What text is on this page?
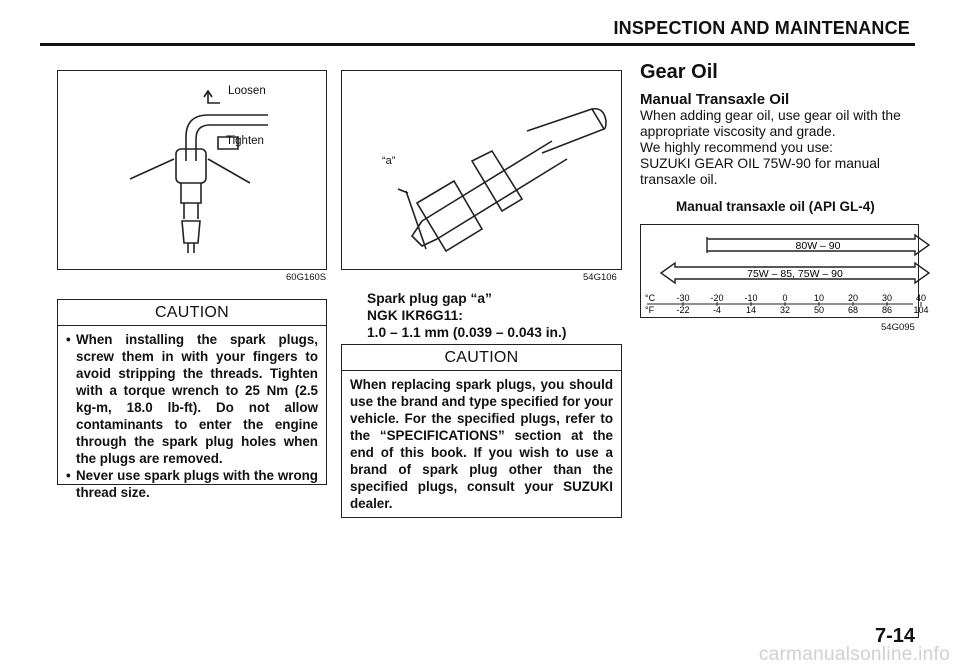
INSPECTION AND MAINTENANCE
Loosen
Tighten
60G160S
CAUTION
• When installing the spark plugs, screw them in with your fingers to avoid stripping the threads. Tighten with a torque wrench to 25 Nm (2.5 kg-m, 18.0 lb-ft). Do not allow contaminants to enter the engine through the spark plug holes when the plugs are removed.
• Never use spark plugs with the wrong thread size.
“a”
54G106
Spark plug gap “a”
NGK IKR6G11:
1.0 – 1.1 mm (0.039 – 0.043 in.)
CAUTION

When replacing spark plugs, you should use the brand and type specified for your vehicle. For the specified plugs, refer to the “SPECIFICATIONS” section at the end of this book. If you wish to use a brand of spark plug other than the specified plugs, consult your SUZUKI dealer.

Gear Oil
Manual Transaxle Oil
When adding gear oil, use gear oil with the
appropriate viscosity and grade.
We highly recommend you use:
SUZUKI GEAR OIL 75W-90 for manual
transaxle oil.
Manual transaxle oil (API GL-4)
80W – 90
75W – 85, 75W – 90
°C
°F
-30 -20 -10	0	10	20	30	40
-22	-4	14	32	50	68	86 104
54G095
7-14
carmanualsonline.info
